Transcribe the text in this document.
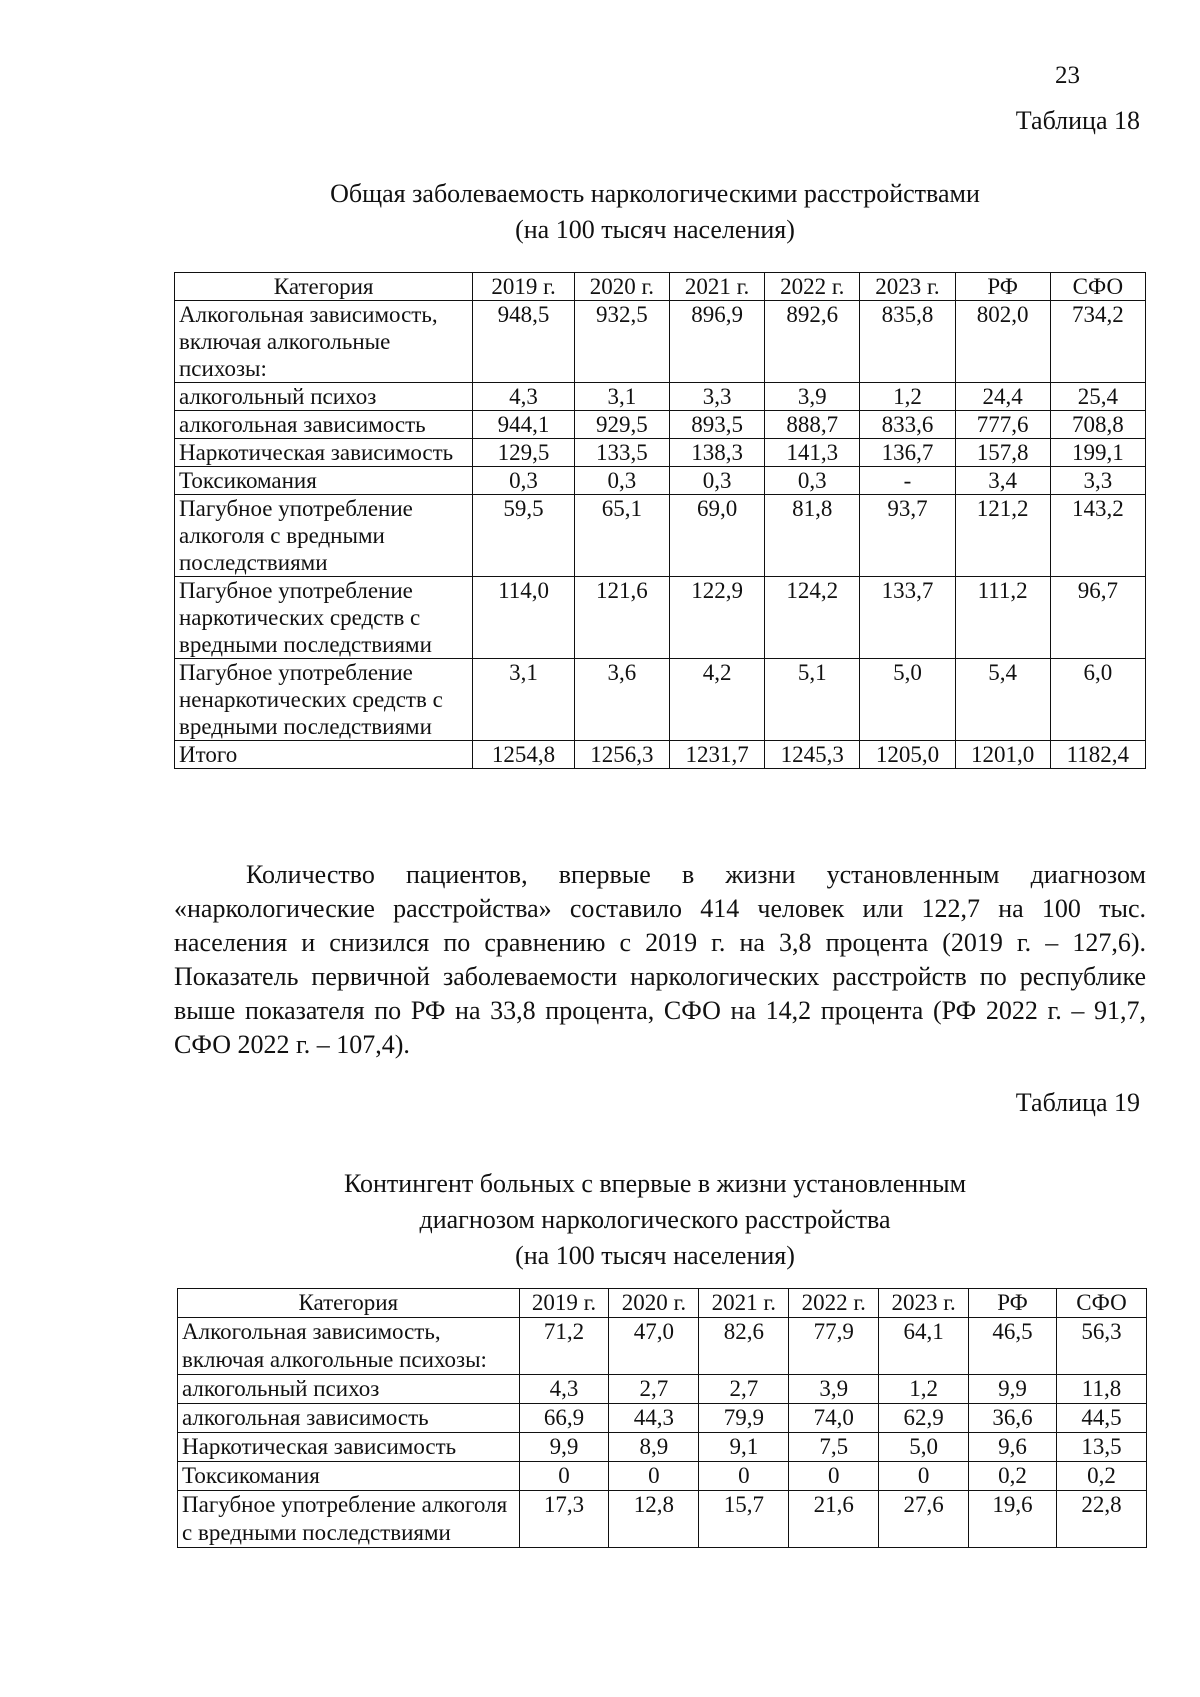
23
Таблица 18
Общая заболеваемость наркологическими расстройствами
(на 100 тысяч населения)
Категория	2019 г.	2020 г.	2021 г.	2022 г.	2023 г.	РФ	СФО
Алкогольная зависимость, включая алкогольные психозы:	948,5	932,5	896,9	892,6	835,8	802,0	734,2
алкогольный психоз	4,3	3,1	3,3	3,9	1,2	24,4	25,4
алкогольная зависимость	944,1	929,5	893,5	888,7	833,6	777,6	708,8
Наркотическая зависимость	129,5	133,5	138,3	141,3	136,7	157,8	199,1
Токсикомания	0,3	0,3	0,3	0,3	-	3,4	3,3
Пагубное употребление алкоголя с вредными последствиями	59,5	65,1	69,0	81,8	93,7	121,2	143,2
Пагубное употребление наркотических средств с вредными последствиями	114,0	121,6	122,9	124,2	133,7	111,2	96,7
Пагубное употребление ненаркотических средств с вредными последствиями	3,1	3,6	4,2	5,1	5,0	5,4	6,0
Итого	1254,8	1256,3	1231,7	1245,3	1205,0	1201,0	1182,4
Количество пациентов, впервые в жизни установленным диагнозом «наркологические расстройства» составило 414 человек или 122,7 на 100 тыс. населения и снизился по сравнению с 2019 г. на 3,8 процента (2019 г. – 127,6). Показатель первичной заболеваемости наркологических расстройств по республике выше показателя по РФ на 33,8 процента, СФО на 14,2 процента (РФ 2022 г. – 91,7, СФО 2022 г. – 107,4).
Таблица 19
Контингент больных с впервые в жизни установленным
диагнозом наркологического расстройства
(на 100 тысяч населения)
Категория	2019 г.	2020 г.	2021 г.	2022 г.	2023 г.	РФ	СФО
Алкогольная зависимость, включая алкогольные психозы:	71,2	47,0	82,6	77,9	64,1	46,5	56,3
алкогольный психоз	4,3	2,7	2,7	3,9	1,2	9,9	11,8
алкогольная зависимость	66,9	44,3	79,9	74,0	62,9	36,6	44,5
Наркотическая зависимость	9,9	8,9	9,1	7,5	5,0	9,6	13,5
Токсикомания	0	0	0	0	0	0,2	0,2
Пагубное употребление алкоголя с вредными последствиями	17,3	12,8	15,7	21,6	27,6	19,6	22,8
